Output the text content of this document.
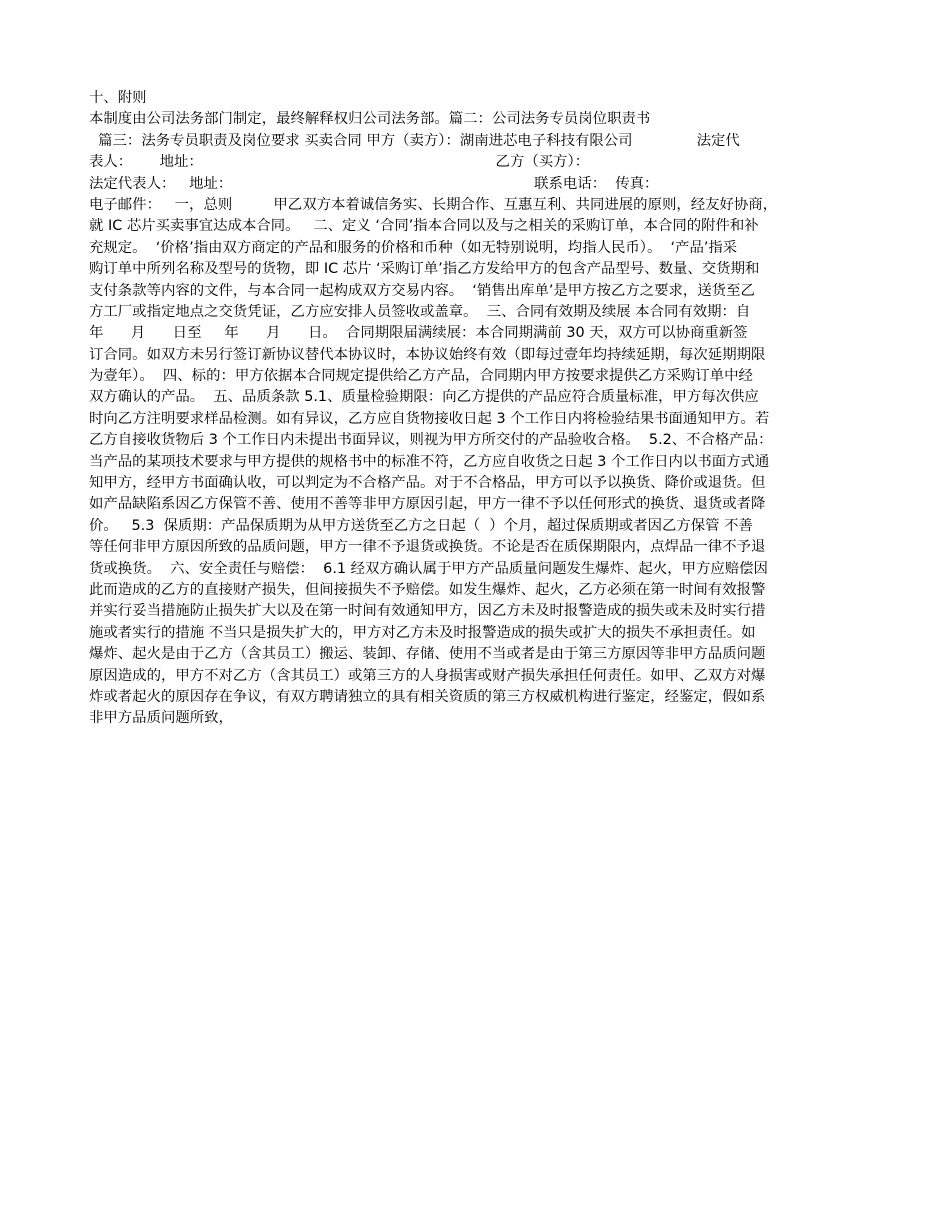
十、附则
本制度由公司法务部门制定，最终解释权归公司法务部。篇二：公司法务专员岗位职责书
篇三：法务专员职责及岗位要求 买卖合同 甲方（卖方）：湖南进芯电子科技有限公司              法定代
表人：      地址：                                                                乙方（买方）：
法定代表人：   地址：                                                                  联系电话：  传真：
电子邮件：   一，总则         甲乙双方本着诚信务实、长期合作、互惠互利、共同进展的原则，经友好协商，
就 IC 芯片买卖事宜达成本合同。   二、定义 ‘合同’指本合同以及与之相关的采购订单，本合同的附件和补
充规定。  ‘价格’指由双方商定的产品和服务的价格和币种（如无特别说明，均指人民币）。  ‘产品’指采
购订单中所列名称及型号的货物，即 IC 芯片 ‘采购订单’指乙方发给甲方的包含产品型号、数量、交货期和
支付条款等内容的文件，与本合同一起构成双方交易内容。  ‘销售出库单’是甲方按乙方之要求，送货至乙
方工厂或指定地点之交货凭证，乙方应安排人员签收或盖章。  三、合同有效期及续展 本合同有效期：自
年      月      日至     年      月      日。  合同期限届满续展：本合同期满前 30 天，双方可以协商重新签
订合同。如双方未另行签订新协议替代本协议时，本协议始终有效（即每过壹年均持续延期，每次延期期限
为壹年）。  四、标的：甲方依据本合同规定提供给乙方产品，合同期内甲方按要求提供乙方采购订单中经
双方确认的产品。  五、品质条款 5.1、质量检验期限：向乙方提供的产品应符合质量标准，甲方每次供应
时向乙方注明要求样品检测。如有异议，乙方应自货物接收日起 3 个工作日内将检验结果书面通知甲方。若
乙方自接收货物后 3 个工作日内未提出书面异议，则视为甲方所交付的产品验收合格。  5.2、不合格产品：
当产品的某项技术要求与甲方提供的规格书中的标准不符，乙方应自收货之日起 3 个工作日内以书面方式通
知甲方，经甲方书面确认收，可以判定为不合格产品。对于不合格品，甲方可以予以换货、降价或退货。但
如产品缺陷系因乙方保管不善、使用不善等非甲方原因引起，甲方一律不予以任何形式的换货、退货或者降
价。   5.3  保质期：产品保质期为从甲方送货至乙方之日起（  ）个月，超过保质期或者因乙方保管 不善
等任何非甲方原因所致的品质问题，甲方一律不予退货或换货。不论是否在质保期限内，点焊品一律不予退
货或换货。  六、安全责任与赔偿：  6.1 经双方确认属于甲方产品质量问题发生爆炸、起火，甲方应赔偿因
此而造成的乙方的直接财产损失，但间接损失不予赔偿。如发生爆炸、起火，乙方必须在第一时间有效报警
并实行妥当措施防止损失扩大以及在第一时间有效通知甲方，因乙方未及时报警造成的损失或未及时实行措
施或者实行的措施 不当只是损失扩大的，甲方对乙方未及时报警造成的损失或扩大的损失不承担责任。如
爆炸、起火是由于乙方（含其员工）搬运、装卸、存储、使用不当或者是由于第三方原因等非甲方品质问题
原因造成的，甲方不对乙方（含其员工）或第三方的人身损害或财产损失承担任何责任。如甲、乙双方对爆
炸或者起火的原因存在争议，有双方聘请独立的具有相关资质的第三方权威机构进行鉴定，经鉴定，假如系
非甲方品质问题所致，
